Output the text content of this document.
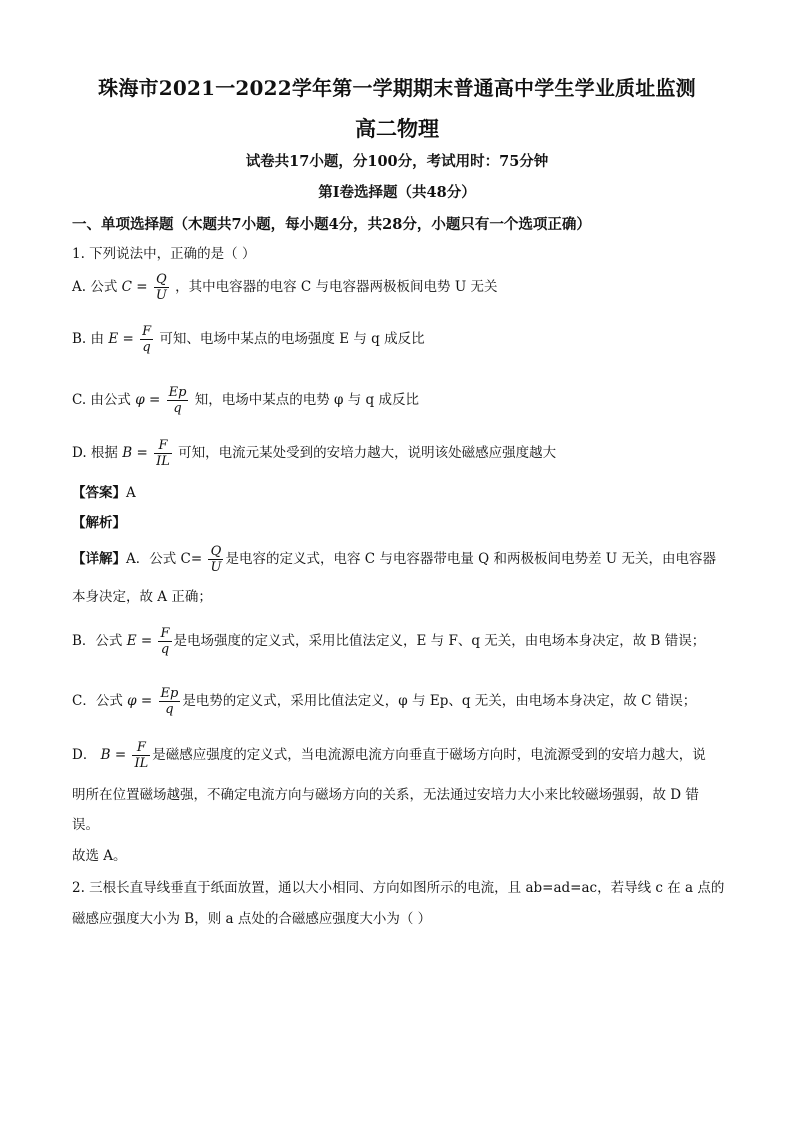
珠海市2021一2022学年第一学期期末普通高中学生学业质址监测
高二物理
试卷共17小题，分100分，考试用时：75分钟
第I卷选择题（共48分）
一、单项选择题（木题共7小题，每小题4分，共28分，小题只有一个选项正确）
1. 下列说法中，正确的是（ ）
A. 公式 $C = \frac{Q}{U}$ ，其中电容器的电容 C 与电容器两极板间电势 U 无关
B. 由 $E = \frac{F}{q}$ 可知、电场中某点的电场强度 E 与 q 成反比
C. 由公式 $\varphi = \frac{Ep}{q}$ 知，电场中某点的电势 φ 与 q 成反比
D. 根据 $B = \frac{F}{IL}$ 可知，电流元某处受到的安培力越大，说明该处磁感应强度越大
【答案】A
【解析】
【详解】A．公式 $C= \frac{Q}{U}$ 是电容的定义式，电容 C 与电容器带电量 Q 和两极板间电势差 U 无关，由电容器
本身决定，故 A 正确；
B．公式 $E = \frac{F}{q}$ 是电场强度的定义式，采用比值法定义，E 与 F、q 无关，由电场本身决定，故 B 错误；
C．公式 $\varphi = \frac{Ep}{q}$ 是电势的定义式，采用比值法定义，φ 与 Ep、q 无关，由电场本身决定，故 C 错误；
D． $B = \frac{F}{IL}$ 是磁感应强度的定义式，当电流源电流方向垂直于磁场方向时，电流源受到的安培力越大，说
明所在位置磁场越强，不确定电流方向与磁场方向的关系，无法通过安培力大小来比较磁场强弱，故 D 错
误。
故选 A。
2. 三根长直导线垂直于纸面放置，通以大小相同、方向如图所示的电流，且 ab=ad=ac，若导线 c 在 a 点的
磁感应强度大小为 B，则 a 点处的合磁感应强度大小为（ ）
